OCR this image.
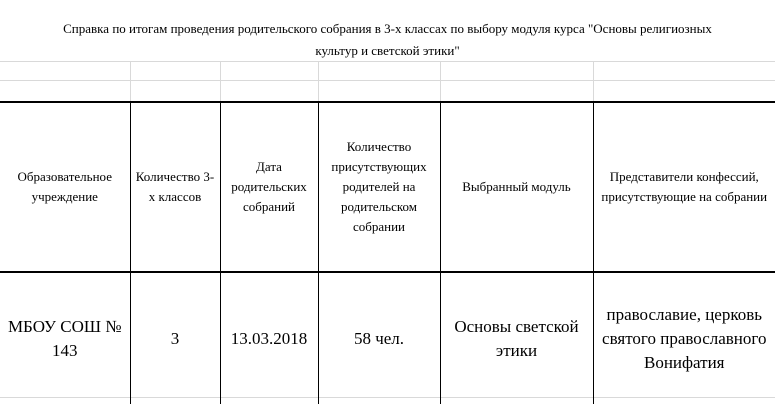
Справка по итогам проведения родительского собрания в 3-х классах по выбору модуля курса "Основы религиозных
культур и светской этики"
Образовательное учреждение	Количество 3-х классов	Дата родительских собраний	Количество присутствующих родителей на родительском собрании	Выбранный модуль	Представители конфессий, присутствующие на собрании
МБОУ СОШ № 143	3	13.03.2018	58 чел.	Основы светской этики	православие, церковь святого православного Вонифатия
